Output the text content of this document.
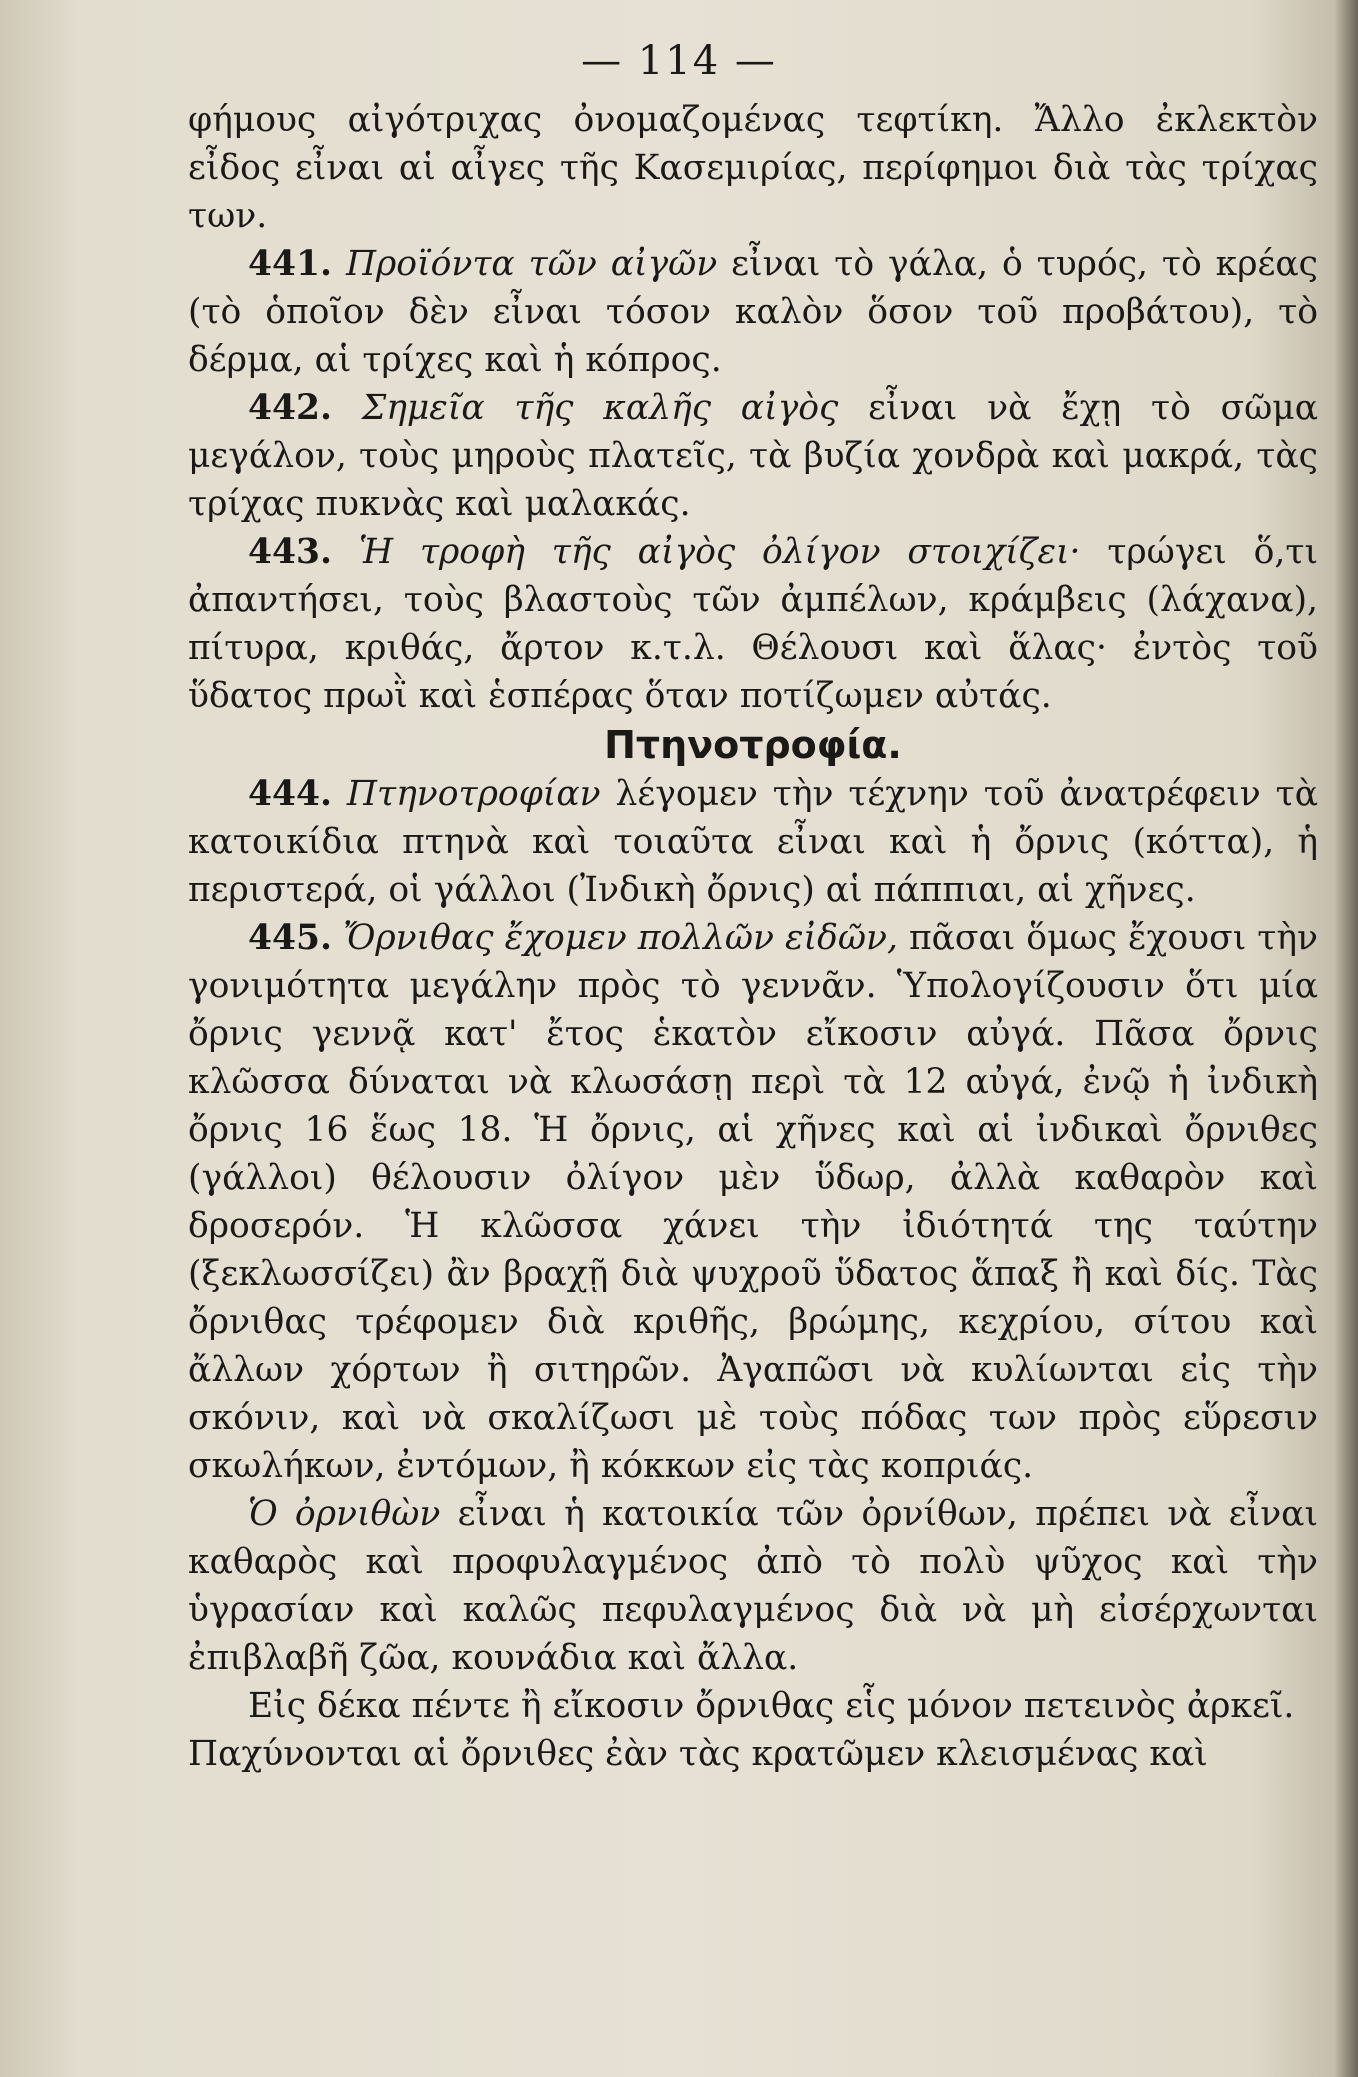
— 114 —

φήμους αἰγότριχας ὀνομαζομένας τεφτίκη. Ἄλλο ἐκλεκτὸν εἶδος εἶναι αἱ αἶγες τῆς Κασεμιρίας, περίφημοι διὰ τὰς τρίχας των.

441. Προϊόντα τῶν αἰγῶν εἶναι τὸ γάλα, ὁ τυρός, τὸ κρέας (τὸ ὁποῖον δὲν εἶναι τόσον καλὸν ὅσον τοῦ προβάτου), τὸ δέρμα, αἱ τρίχες καὶ ἡ κόπρος.

442. Σημεῖα τῆς καλῆς αἰγὸς εἶναι νὰ ἔχῃ τὸ σῶμα μεγάλον, τοὺς μηροὺς πλατεῖς, τὰ βυζία χονδρὰ καὶ μακρά, τὰς τρίχας πυκνὰς καὶ μαλακάς.

443. Ἡ τροφὴ τῆς αἰγὸς ὀλίγον στοιχίζει· τρώγει ὅ,τι ἀπαντήσει, τοὺς βλαστοὺς τῶν ἀμπέλων, κράμβεις (λάχανα), πίτυρα, κριθάς, ἄρτον κ.τ.λ. Θέλουσι καὶ ἅλας· ἐντὸς τοῦ ὕδατος πρωῒ καὶ ἑσπέρας ὅταν ποτίζωμεν αὐτάς.

Πτηνοτροφία.

444. Πτηνοτροφίαν λέγομεν τὴν τέχνην τοῦ ἀνατρέφειν τὰ κατοικίδια πτηνὰ καὶ τοιαῦτα εἶναι καὶ ἡ ὄρνις (κόττα), ἡ περιστερά, οἱ γάλλοι (Ἰνδικὴ ὄρνις) αἱ πάππιαι, αἱ χῆνες.

445. Ὄρνιθας ἔχομεν πολλῶν εἰδῶν, πᾶσαι ὅμως ἔχουσι τὴν γονιμότητα μεγάλην πρὸς τὸ γεννᾶν. Ὑπολογίζουσιν ὅτι μία ὄρνις γεννᾷ κατ' ἔτος ἑκατὸν εἴκοσιν αὐγά. Πᾶσα ὄρνις κλῶσσα δύναται νὰ κλωσάσῃ περὶ τὰ 12 αὐγά, ἐνῷ ἡ ἰνδικὴ ὄρνις 16 ἕως 18. Ἡ ὄρνις, αἱ χῆνες καὶ αἱ ἰνδικαὶ ὄρνιθες (γάλλοι) θέλουσιν ὀλίγον μὲν ὕδωρ, ἀλλὰ καθαρὸν καὶ δροσερόν. Ἡ κλῶσσα χάνει τὴν ἰδιότητά της ταύτην (ξεκλωσσίζει) ἂν βραχῇ διὰ ψυχροῦ ὕδατος ἅπαξ ἢ καὶ δίς. Τὰς ὄρνιθας τρέφομεν διὰ κριθῆς, βρώμης, κεχρίου, σίτου καὶ ἄλλων χόρτων ἢ σιτηρῶν. Ἀγαπῶσι νὰ κυλίωνται εἰς τὴν σκόνιν, καὶ νὰ σκαλίζωσι μὲ τοὺς πόδας των πρὸς εὕρεσιν σκωλήκων, ἐντόμων, ἢ κόκκων εἰς τὰς κοπριάς.

Ὁ ὀρνιθὼν εἶναι ἡ κατοικία τῶν ὀρνίθων, πρέπει νὰ εἶναι καθαρὸς καὶ προφυλαγμένος ἀπὸ τὸ πολὺ ψῦχος καὶ τὴν ὑγρασίαν καὶ καλῶς πεφυλαγμένος διὰ νὰ μὴ εἰσέρχωνται ἐπιβλαβῆ ζῶα, κουνάδια καὶ ἄλλα.

Εἰς δέκα πέντε ἢ εἴκοσιν ὄρνιθας εἷς μόνον πετεινὸς ἀρκεῖ.

Παχύνονται αἱ ὄρνιθες ἐὰν τὰς κρατῶμεν κλεισμένας καὶ
